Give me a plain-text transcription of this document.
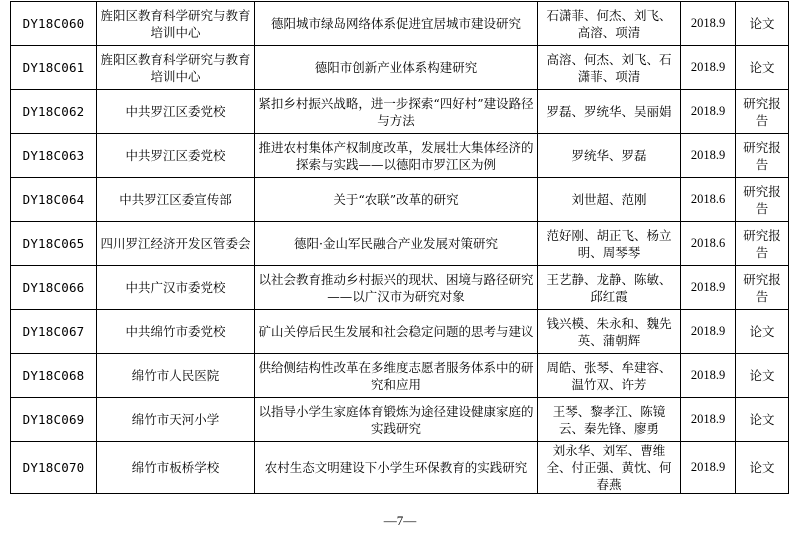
DY18C060	旌阳区教育科学研究与教育培训中心	德阳城市绿岛网络体系促进宜居城市建设研究	石潇菲、何杰、刘飞、高溶、项清	2018.9	论文
DY18C061	旌阳区教育科学研究与教育培训中心	德阳市创新产业体系构建研究	高溶、何杰、刘飞、石潇菲、项清	2018.9	论文
DY18C062	中共罗江区委党校	紧扣乡村振兴战略，进一步探索“四好村”建设路径与方法	罗磊、罗统华、吴丽娟	2018.9	研究报告
DY18C063	中共罗江区委党校	推进农村集体产权制度改革，发展壮大集体经济的探索与实践——以德阳市罗江区为例	罗统华、罗磊	2018.9	研究报告
DY18C064	中共罗江区委宣传部	关于“农联”改革的研究	刘世超、范刚	2018.6	研究报告
DY18C065	四川罗江经济开发区管委会	德阳·金山军民融合产业发展对策研究	范好刚、胡正飞、杨立明、周琴琴	2018.6	研究报告
DY18C066	中共广汉市委党校	以社会教育推动乡村振兴的现状、困境与路径研究——以广汉市为研究对象	王艺静、龙静、陈敏、邱红霞	2018.9	研究报告
DY18C067	中共绵竹市委党校	矿山关停后民生发展和社会稳定问题的思考与建议	钱兴模、朱永和、魏先英、蒲朝辉	2018.9	论文
DY18C068	绵竹市人民医院	供给侧结构性改革在多维度志愿者服务体系中的研究和应用	周皓、张琴、牟建容、温竹双、许芳	2018.9	论文
DY18C069	绵竹市天河小学	以指导小学生家庭体育锻炼为途径建设健康家庭的实践研究	王琴、黎孝江、陈镜云、秦先锋、廖勇	2018.9	论文
DY18C070	绵竹市板桥学校	农村生态文明建设下小学生环保教育的实践研究	刘永华、刘军、曹维全、付正强、黄忱、何春燕	2018.9	论文
—7—
